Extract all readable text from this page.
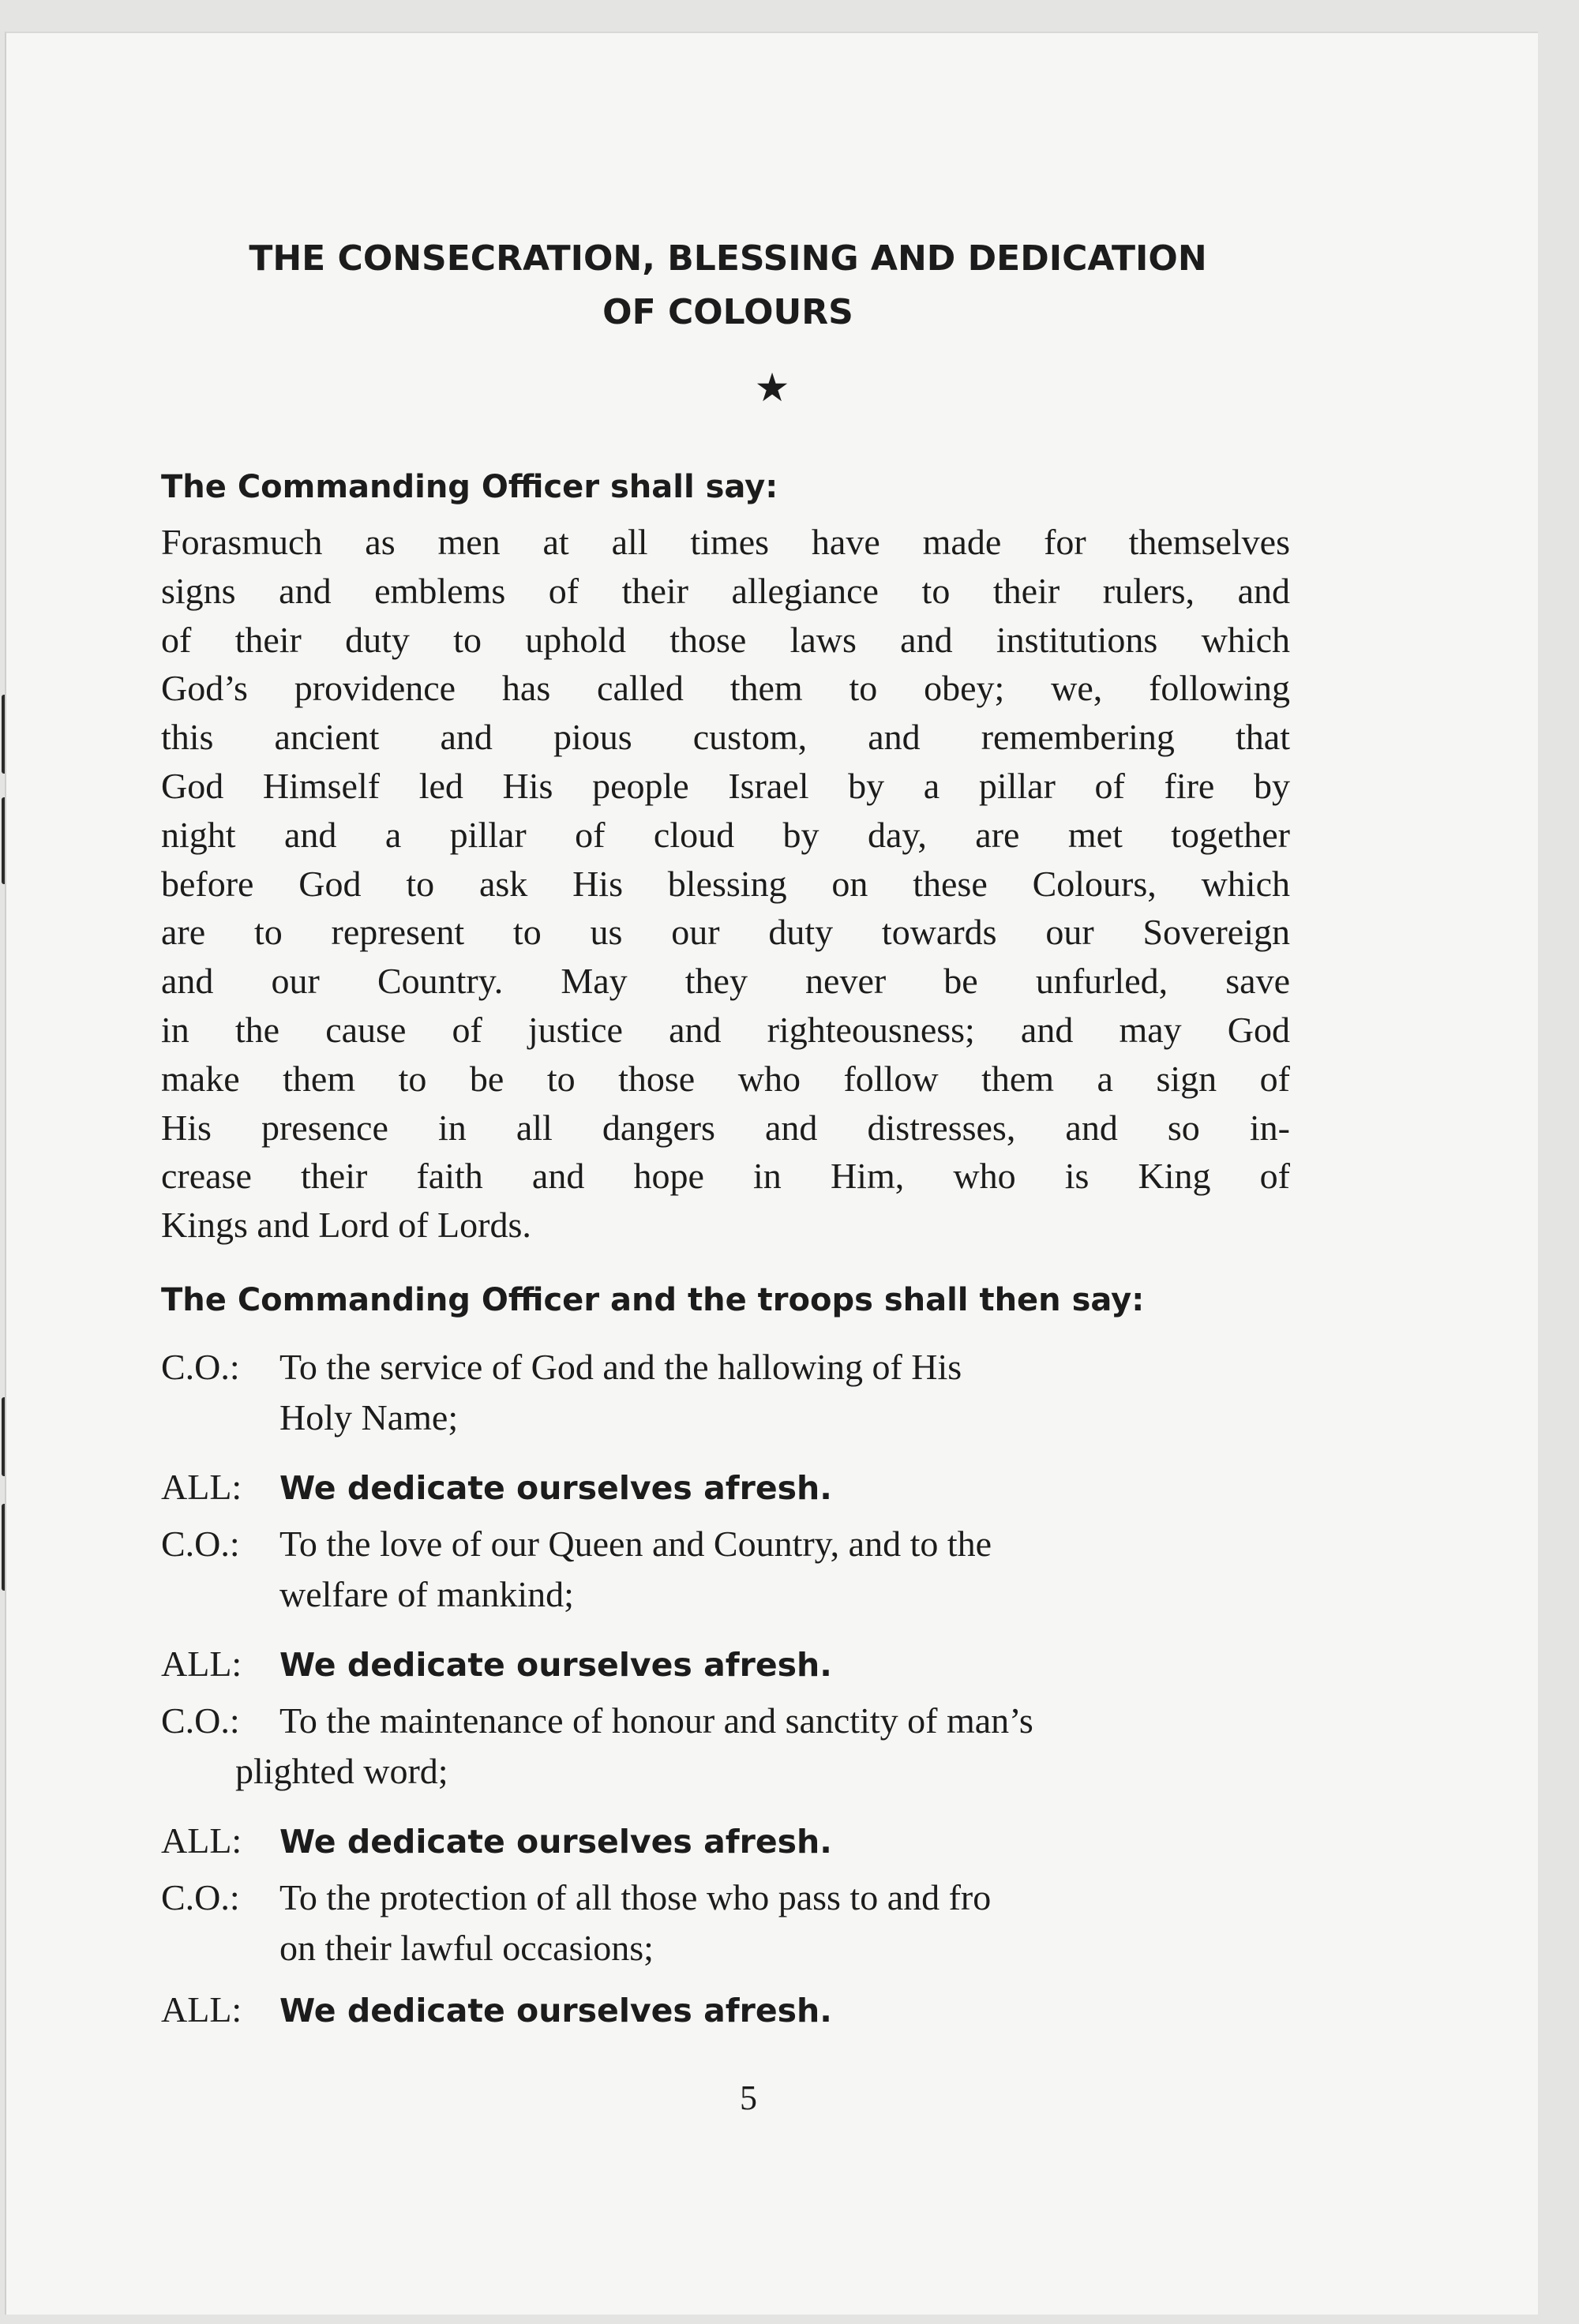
THE CONSECRATION, BLESSING AND DEDICATION
OF COLOURS
★
The Commanding Officer shall say:
Forasmuch as men at all times have made for themselves
signs and emblems of their allegiance to their rulers, and
of their duty to uphold those laws and institutions which
God’s providence has called them to obey; we, following
this ancient and pious custom, and remembering that
God Himself led His people Israel by a pillar of fire by
night and a pillar of cloud by day, are met together
before God to ask His blessing on these Colours, which
are to represent to us our duty towards our Sovereign
and our Country. May they never be unfurled, save
in the cause of justice and righteousness; and may God
make them to be to those who follow them a sign of
His presence in all dangers and distresses, and so in-
crease their faith and hope in Him, who is King of
Kings and Lord of Lords.
The Commanding Officer and the troops shall then say:
C.O.: To the service of God and the hallowing of His
Holy Name;
ALL: We dedicate ourselves afresh.
C.O.: To the love of our Queen and Country, and to the
welfare of mankind;
ALL: We dedicate ourselves afresh.
C.O.: To the maintenance of honour and sanctity of man’s
plighted word;
ALL: We dedicate ourselves afresh.
C.O.: To the protection of all those who pass to and fro
on their lawful occasions;
ALL: We dedicate ourselves afresh.
5
